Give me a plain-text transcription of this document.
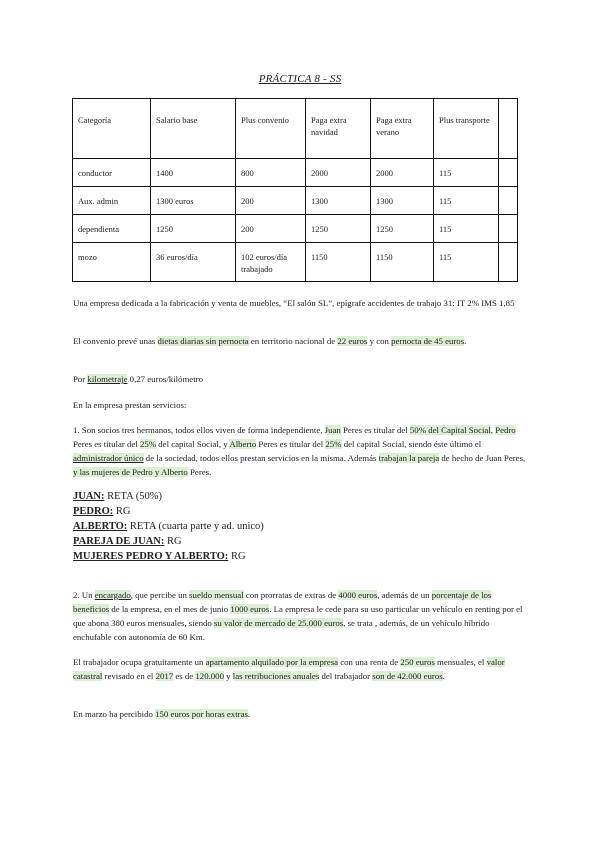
PRÁCTICA 8 - SS
Categoría	Salario base	Plus convenio	Paga extra navidad	Paga extra verano	Plus transporte	
conductor	1400	800	2000	2000	115	
Aux. admin	1300 euros	200	1300	1300	115	
dependienta	1250	200	1250	1250	115	
mozo	36 euros/día	102 euros/día trabajado	1150	1150	115	
Una empresa dedicada a la fabricación y venta de muebles, “El salón SL”, epígrafe accidentes de trabajo 31: IT 2% IMS 1,85
El convenio prevé unas dietas diarias sin pernocta en territorio nacional de 22 euros y con pernocta de 45 euros.
Por kilometraje 0,27 euros/kilómetro
En la empresa prestan servicios:
1. Son socios tres hermanos, todos ellos viven de forma independiente, Juan Peres es titular del 50% del Capital Social, Pedro Peres es titular del 25% del capital Social, y Alberto Peres es titular del 25% del capital Social, siendo éste último el administrador único de la sociedad, todos ellos prestan servicios en la misma. Además trabajan la pareja de hecho de Juan Peres, y las mujeres de Pedro y Alberto Peres.
JUAN: RETA (50%)
PEDRO: RG
ALBERTO: RETA (cuarta parte y ad. unico)
PAREJA DE JUAN: RG
MUJERES PEDRO Y ALBERTO: RG
2. Un encargado, que percibe un sueldo mensual con prorratas de extras de 4000 euros, además de un porcentaje de los beneficios de la empresa, en el mes de junio 1000 euros. La empresa le cede para su uso particular un vehículo en renting por el que abona 380 euros mensuales, siendo su valor de mercado de 25.000 euros, se trata , además, de un vehículo híbrido enchufable con autonomía de 60 Km.
El trabajador ocupa gratuitamente un apartamento alquilado por la empresa con una renta de 250 euros mensuales, el valor catastral revisado en el 2017 es de 120.000 y las retribuciones anuales del trabajador son de 42.000 euros.
En marzo ha percibido 150 euros por horas extras.
